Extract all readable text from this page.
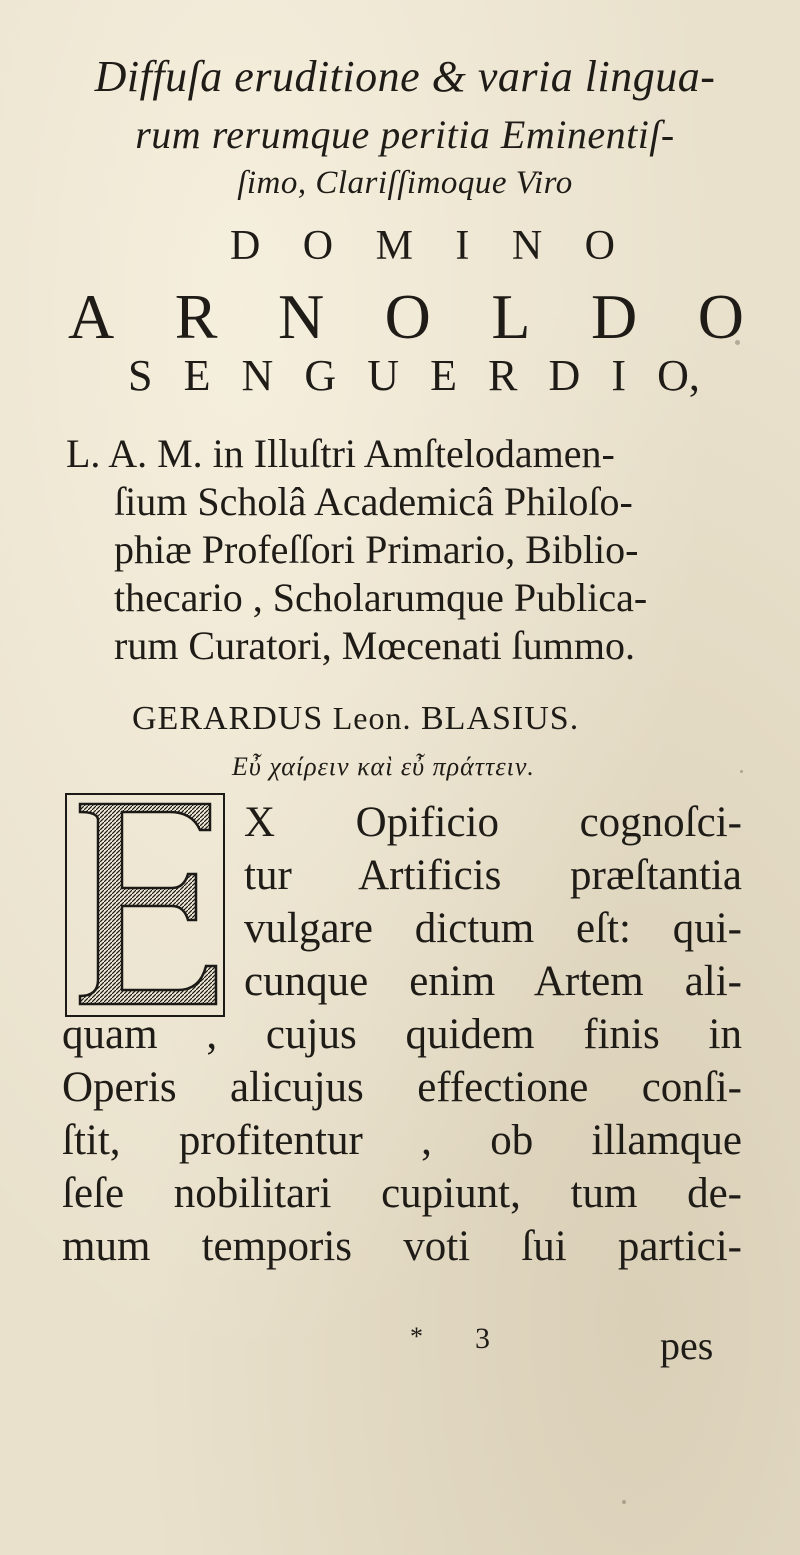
Diffuſa eruditione & varia lingua-
rum rerumque peritia Eminentiſ-
ſimo, Clariſſimoque Viro
D O M I N O
A R N O L D O
S E N G U E R D I O,
L. A. M. in Illuſtri Amſtelodamen-
ſium Scholâ Academicâ Philoſo-
phiæ Profeſſori Primario, Biblio-
thecario , Scholarumque Publica-
rum Curatori, Mœcenati ſummo.
GERARDUS Leon. BLASIUS.
Εὖ χαίρειν καὶ εὖ πράττειν.
E
X Opificio cognoſci-
tur Artificis præſtantia
vulgare dictum eſt: qui-
cunque enim Artem ali-
quam , cujus quidem finis in
Operis alicujus effectione conſi-
ſtit, profitentur , ob illamque
ſeſe nobilitari cupiunt, tum de-
mum temporis voti ſui partici-
* 3	pes
